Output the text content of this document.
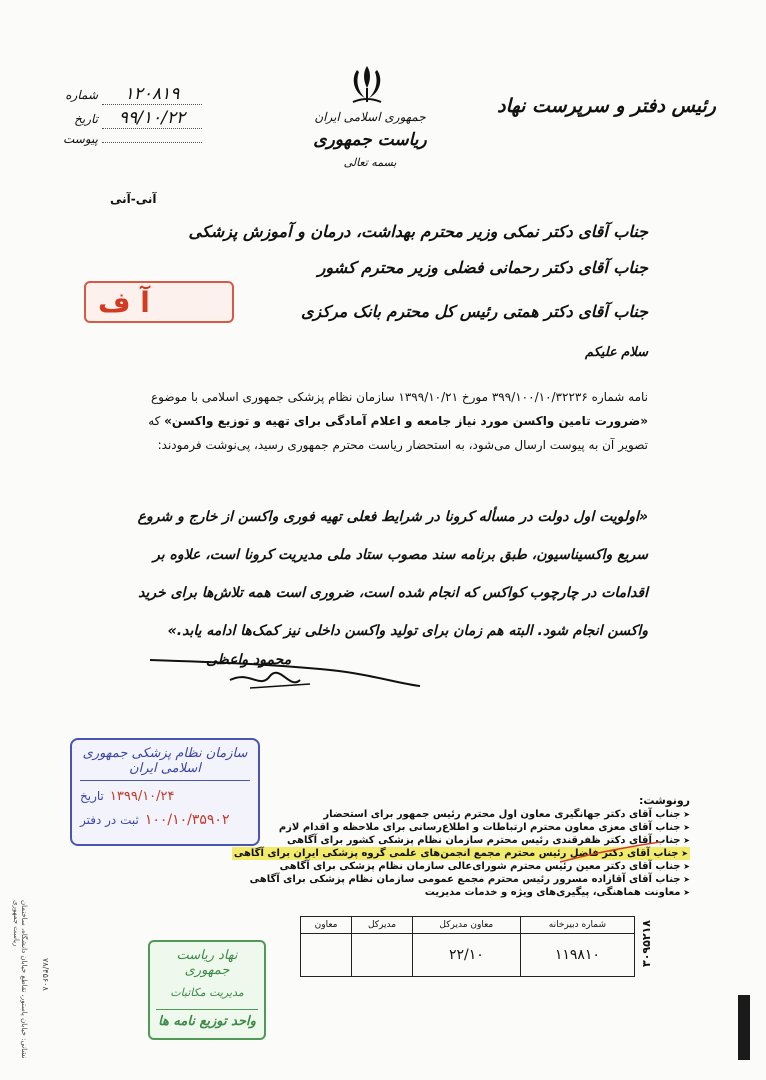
جمهوری اسلامی ایران
ریاست جمهوری
بسمه تعالی
رئیس دفتر و سرپرست نهاد
شماره	۱۲۰۸۱۹
تاریخ	۹۹/۱۰/۲۲
پیوست
آنی-آنی
آ ف
جناب آقای دکتر نمکی وزیر محترم بهداشت، درمان و آموزش پزشکی
جناب آقای دکتر رحمانی فضلی وزیر محترم کشور
جناب آقای دکتر همتی رئیس کل محترم بانک مرکزی
سلام علیکم
نامه شماره ۳۹۹/۱۰۰/۱۰/۳۲۲۳۶ مورخ ۱۳۹۹/۱۰/۲۱ سازمان نظام پزشکی جمهوری اسلامی با موضوع «ضرورت تامین واکسن مورد نیاز جامعه و اعلام آمادگی برای تهیه و توزیع واکسن» که تصویر آن به پیوست ارسال می‌شود، به استحضار ریاست محترم جمهوری رسید، پی‌نوشت فرمودند:
«اولویت اول دولت در مسأله کرونا در شرایط فعلی تهیه فوری واکسن از خارج و شروع سریع واکسیناسیون، طبق برنامه سند مصوب ستاد ملی مدیریت کرونا است، علاوه بر اقدامات در چارچوب کواکس که انجام شده است، ضروری است همه تلاش‌ها برای خرید واکسن انجام شود. البته هم زمان برای تولید واکسن داخلی نیز کمک‌ها ادامه یابد.»
محمود واعظی
سازمان نظام پزشکی جمهوری اسلامی ایران
تاریخ ۱۳۹۹/۱۰/۲۴
ثبت در دفتر ۱۰۰/۱۰/۳۵۹۰۲
رونوشت:
➤ جناب آقای دکتر جهانگیری معاون اول محترم رئیس جمهور برای استحضار
➤ جناب آقای معزی معاون محترم ارتباطات و اطلاع‌رسانی برای ملاحظه و اقدام لازم
➤ جناب آقای دکتر ظفرقندی رئیس محترم سازمان نظام پزشکی کشور برای آگاهی
➤ جناب آقای دکتر فاضل رئیس محترم مجمع انجمن‌های علمی گروه پزشکی ایران برای آگاهی
➤ جناب آقای دکتر معین رئیس محترم شورای‌عالی سازمان نظام پزشکی برای آگاهی
➤ جناب آقای آقازاده مسرور رئیس محترم مجمع عمومی سازمان نظام پزشکی برای آگاهی
➤ معاونت هماهنگی، پیگیری‌های ویژه و خدمات مدیریت
معاون	مدیرکل	معاون مدیرکل	شماره دبیرخانه
		۲۲/۱۰	۱۱۹۸۱۰	۳۰۹۵۲۱۸
نهاد ریاست جمهوری
مدیریت مکاتبات
واحد توزیع نامه ها
نشانی: خیابان پاستور، تقاطع خیابان دانشگاه، ساختمان ریاست جمهوری
۷۸/۴۵۶۰۸
